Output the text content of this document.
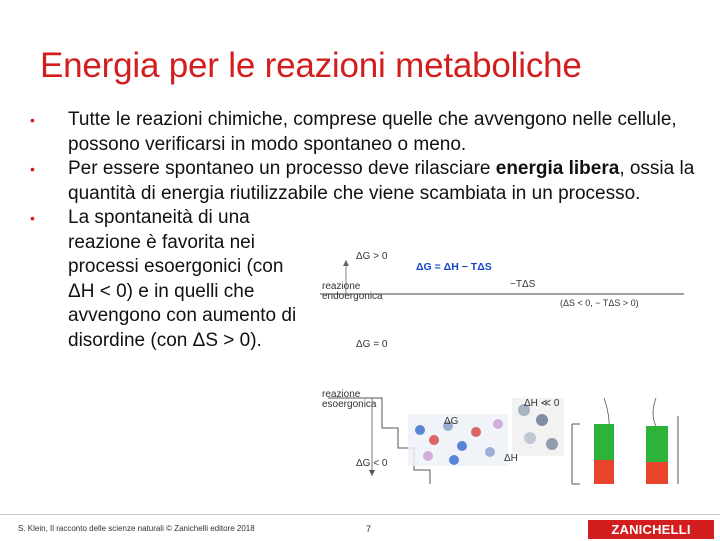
Energia per le reazioni metaboliche
• Tutte le reazioni chimiche, comprese quelle che avvengono nelle cellule, possono verificarsi in modo spontaneo o meno.
• Per essere spontaneo un processo deve rilasciare energia libera, ossia la quantità di energia riutilizzabile che viene scambiata in un processo.
• La spontaneità di una reazione è favorita nei processi esoergonici (con ΔH < 0) e in quelli che avvengono con aumento di disordine (con ΔS > 0).
ΔG > 0
ΔG = ΔH − TΔS
reazione endoergonica
−TΔS
(ΔS < 0, − TΔS > 0)
ΔG = 0
reazione esoergonica	ΔH ≪ 0
ΔG
ΔH
ΔG < 0
S. Klein, Il racconto delle scienze naturali © Zanichelli editore 2018	7	ZANICHELLI
